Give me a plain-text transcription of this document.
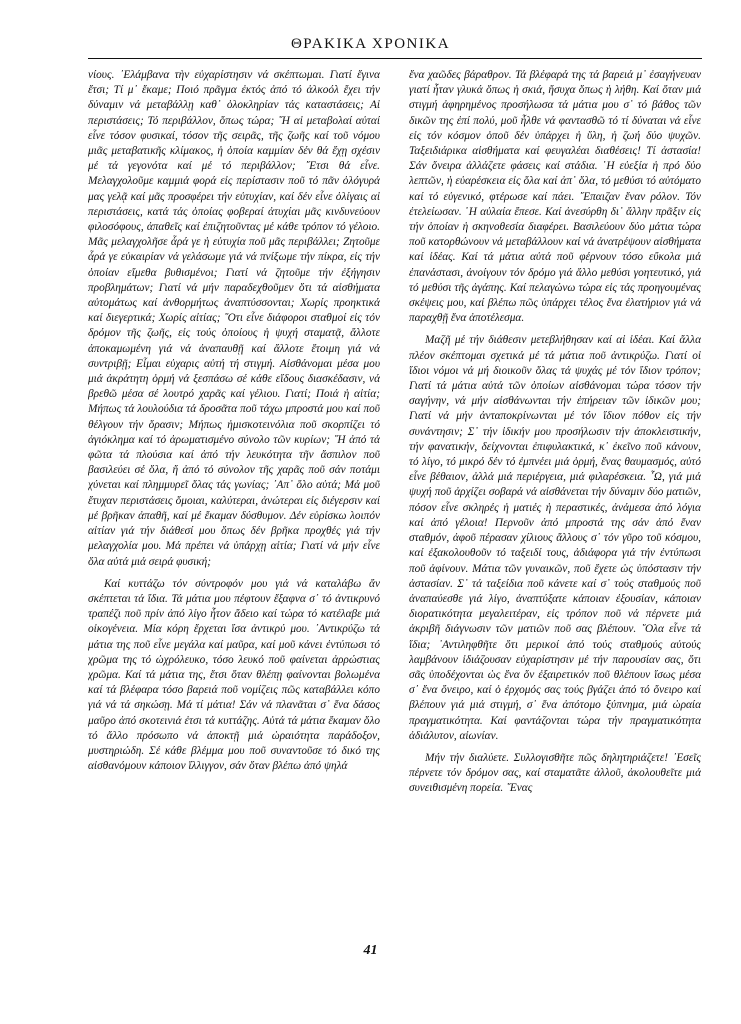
ΘΡΑΚΙΚΑ ΧΡΟΝΙΚΑ

νίους. ᾽Ελάμβανα τὴν εὐχαρίστησιν νά σκέπτωμαι. Γιατί ἔγινα ἔτσι; Τί μ᾽ ἔκαμε; Ποιό πρᾶγμα ἐκτός ἀπό τό ἀλκοόλ ἔχει τήν δύναμιν νά μεταβάλλῃ καθ᾽ ὁλοκληρίαν τάς καταστάσεις; Αἱ περιστάσεις; Τό περιβάλλον, ὅπως τώρα; ῞Η αἱ μεταβολαί αὐταί εἶνε τόσον φυσικαί, τόσον τῆς σειρᾶς, τῆς ζωῆς καί τοῦ νόμου μιᾶς μεταβατικῆς κλίμακος, ἡ ὁποία καμμίαν δέν θά ἔχῃ σχέσιν μέ τά γεγονότα καί μέ τό περιβάλλον; ῎Ετσι θά εἶνε. Μελαγχολοῦμε καμμιά φορά εἰς περίστασιν ποῦ τό πᾶν ὀλόγυρά μας γελᾷ καί μᾶς προσφέρει τήν εὐτυχίαν, καί δέν εἶνε ὀλίγαις αἱ περιστάσεις, κατά τάς ὁποίας φοβεραί ἀτυχίαι μᾶς κινδυνεύουν φιλοσόφους, ἀπαθεῖς καί ἐπιζητοῦντας μέ κάθε τρόπον τό γέλοιο. Μᾶς μελαγχολῆσε ἆρά γε ἡ εὐτυχία ποῦ μᾶς περιβάλλει; Ζητοῦμε ἆρά γε εὐκαιρίαν νά γελάσωμε γιά νά πνίξωμε τήν πίκρα, εἰς τήν ὁποίαν εἴμεθα βυθισμένοι; Γιατί νά ζητοῦμε τήν ἐξήγησιν προβλημάτων; Γιατί νά μήν παραδεχθοῦμεν ὅτι τά αἰσθήματα αὐτομάτως καί ἀνθορμήτως ἀναπτύσσονται; Χωρίς προηκτικά καί διεγερτικά; Χωρίς αἰτίας; ῞Οτι εἶνε διάφοροι σταθμοί εἰς τόν δρόμον τῆς ζωῆς, εἰς τούς ὁποίους ἡ ψυχή σταματᾷ, ἄλλοτε ἀποκαμωμένη γιά νά ἀναπαυθῇ καί ἄλλοτε ἕτοιμη γιά νά συντριβῇ; Εἶμαι εὐχαρις αὐτή τή στιγμή. Αἰσθάνομαι μέσα μου μιά ἀκράτητη ὁρμή νά ξεσπάσω σέ κάθε εἴδους διασκέδασιν, νά βρεθῶ μέσα σέ λουτρό χαρᾶς καί γέλιου. Γιατί; Ποιά ἡ αἰτία; Μήπως τά λουλούδια τά δροσᾶτα ποῦ τάχω μπροστά μου καί ποῦ θέλγουν τήν ὅρασιν; Μήπως ἡμισκοτεινόλια ποῦ σκορπίζει τό ἀγιόκλημα καί τό ἀρωματισμένο σύνολο τῶν κυρίων; ῞Η ἀπό τά φῶτα τά πλούσια καί ἀπό τήν λευκότητα τῆν ἄσπιλον ποῦ βασιλεύει σέ ὅλα, ἤ ἀπό τό σύνολον τῆς χαρᾶς ποῦ σάν ποτάμι χύνεται καί πλημμυρεῖ ὅλας τάς γωνίας; ᾽Απ᾽ ὅλο αὐτά; Μά μοῦ ἔτυχαν περιστάσεις ὅμοιαι, καλύτεραι, ἀνώτεραι εἰς διέγερσιν καί μέ βρῆκαν ἀπαθῆ, καί μέ ἔκαμαν δύσθυμον. Δέν εὑρίσκω λοιπόν αἰτίαν γιά τήν διάθεσί μου ὅπως δέν βρῆκα προχθές γιά τήν μελαγχολία μου. Μά πρέπει νά ὑπάρχῃ αἰτία; Γιατί νά μήν εἶνε ὅλα αὐτά μιά σειρά φυσική;

Καί κυττάζω τόν σύντροφόν μου γιά νά καταλάβω ἄν σκέπτεται τά ἴδια. Τά μάτια μου πέφτουν ἔξαφνα σ᾽ τό ἀντικρυνό τραπέζι ποῦ πρίν ἀπό λίγο ἦτον ἄδειο καί τώρα τό κατέλαβε μιά οἰκογένεια. Μία κόρη ἔρχεται ἴσα ἀντικρύ μου. ᾽Αντικρύζω τά μάτια της ποῦ εἶνε μεγάλα καί μαῦρα, καί μοῦ κάνει ἐντύπωσι τό χρῶμα της τό ὠχρόλευκο, τόσο λευκό ποῦ φαίνεται ἀρρώστιας χρῶμα. Καί τά μάτια της, ἔτσι ὅταν θλέπῃ φαίνονται βολωμένα καί τά βλέφαρα τόσο βαρειά ποῦ νομίζεις πῶς καταβάλλει κόπο γιά νά τά σηκώσῃ. Μά τί μάτια! Σάν νά πλανᾶται σ᾽ ἕνα δάσος μαῦρο ἀπό σκοτεινιά ἐτσι τά κυττάζης. Αὐτά τά μάτια ἔκαμαν ὅλο τό ἄλλο πρόσωπο νά ἀποκτῇ μιά ὡραιότητα παράδοξον, μυστηριώδη. Σέ κάθε βλέμμα μου ποῦ συναντοῦσε τό δικό της αἰσθανόμουν κάποιον ἴλλιγγον, σάν ὅταν βλέπω ἀπό ψηλά

ἕνα χαῶδες βάραθρον. Τά βλέφαρά της τά βαρειά μ᾽ ἐσαγήνευαν γιατί ἦταν γλυκά ὅπως ἡ σκιά, ἥσυχα ὅπως ἡ λήθη. Καί ὅταν μιά στιγμή ἀφηρημένος προσήλωσα τά μάτια μου σ᾽ τό βάθος τῶν δικῶν της ἐπί πολύ, μοῦ ἦλθε νά φαντασθῶ τό τί δύναται νά εἶνε εἰς τόν κόσμον ὁποῦ δέν ὑπάρχει ἡ ὕλη, ἡ ζωή δύο ψυχῶν. Ταξειδιάρικα αἰσθήματα καί φευγαλέαι διαθέσεις! Τί ἀστασία! Σάν ὄνειρα ἀλλάζετε φάσεις καί στάδια. ῾Η εὐεξία ἡ πρό δύο λεπτῶν, ἡ εὐαρέσκεια εἰς ὅλα καί ἀπ᾽ ὅλα, τό μεθύσι τό αὐτόματο καί τό εὐγενικό, φτέρωσε καί πάει. ῎Επαιζαν ἕναν ρόλον. Τόν ἐτελείωσαν. ῾Η αὐλαία ἔπεσε. Καί ἀνεσύρθη δι᾽ ἄλλην πρᾶξιν εἰς τήν ὁποίαν ἡ σκηνοθεσία διαφέρει. Βασιλεύουν δύο μάτια τώρα ποῦ κατορθώνουν νά μεταβάλλουν καί νά ἀνατρέψουν αἰσθήματα καί ἰδέας. Καί τά μάτια αὐτά ποῦ φέρνουν τόσο εὔκολα μιά ἐπανάστασι, ἀνοίγουν τόν δρόμο γιά ἄλλο μεθύσι γοητευτικό, γιά τό μεθύσι τῆς ἀγάπης. Καί πελαγώνω τώρα εἰς τάς προηγουμένας σκέψεις μου, καί βλέπω πῶς ὑπάρχει τέλος ἕνα ἐλατήριον γιά νά παραχθῇ ἕνα ἀποτέλεσμα.

Μαζῆ μέ τήν διάθεσιν μετεβλήθησαν καί αἱ ἰδέαι. Καί ἄλλα πλέον σκέπτομαι σχετικά μέ τά μάτια ποῦ ἀντικρύζω. Γιατί οἱ ἴδιοι νόμοι νά μή διοικοῦν ὅλας τά ψυχάς μέ τόν ἴδιον τρόπον; Γιατί τά μάτια αὐτά τῶν ὁποίων αἰσθάνομαι τώρα τόσον τήν σαγήνην, νά μήν αἰσθάνωνται τήν ἐπήρειαν τῶν ἰδικῶν μου; Γιατί νά μήν ἀνταποκρίνωνται μέ τόν ἴδιον πόθον εἰς τήν συνάντησιν; Σ᾽ τήν ἰδικήν μου προσήλωσιν τήν ἀποκλειστικήν, τήν φανατικήν, δείχνονται ἐπιφυλακτικά, κ᾽ ἐκεῖνο ποῦ κάνουν, τό λίγο, τό μικρό δέν τό ἐμπνέει μιά ὁρμή, ἕνας θαυμασμός, αὐτό εἶνε βέθαιον, ἀλλά μιά περιέργεια, μιά φιλαρέσκεια. ῏Ω, γιά μιά ψυχή ποῦ ἀρχίζει σοβαρά νά αἰσθάνεται τήν δύναμιν δύο ματιῶν, πόσον εἶνε σκληρές ἡ ματιές ἡ περαστικές, ἀνάμεσα ἀπό λόγια καί ἀπό γέλοια! Περνοῦν ἀπό μπροστά της σάν ἀπό ἕναν σταθμόν, ἀφοῦ πέρασαν χίλιους ἄλλους σ᾽ τόν γῦρο τοῦ κόσμου, καί ἐξακολουθοῦν τό ταξειδί τους, ἀδιάφορα γιά τήν ἐντύπωσι ποῦ ἀφίνουν. Μάτια τῶν γυναικῶν, ποῦ ἔχετε ὡς ὑπόστασιν τήν ἀστασίαν. Σ᾽ τά ταξείδια ποῦ κάνετε καί σ᾽ τούς σταθμούς ποῦ ἀναπαύεσθε γιά λίγο, ἀναπτύξατε κάποιαν ἐξουσίαν, κάποιαν διορατικότητα μεγαλειτέραν, εἰς τρόπον ποῦ νά πέρνετε μιά ἀκριβῆ διάγνωσιν τῶν ματιῶν ποῦ σας βλέπουν. ῞Ολα εἶνε τά ἴδια; ᾽Αντιληφθῆτε ὅτι μερικοί ἀπό τούς σταθμούς αὐτούς λαμβάνουν ἰδιάζουσαν εὐχαρίστησιν μέ τήν παρουσίαν σας, ὅτι σᾶς ὑποδέχονται ὡς ἕνα ὄν ἐξαιρετικόν ποῦ θλέπουν ἴσως μέσα σ᾽ ἕνα ὄνειρο, καί ὁ ἐρχομός σας τούς βγάζει ἀπό τό ὄνειρο καί βλέπουν γιά μιά στιγμή, σ᾽ ἕνα ἀπότομο ξύπνημα, μιά ὡραία πραγματικότητα. Καί φαντάζονται τώρα τήν πραγματικότητα ἀδιάλυτον, αἰωνίαν.

Μήν τήν διαλύετε. Συλλογισθῆτε πῶς δηλητηριάζετε! ᾽Εσεῖς πέρνετε τόν δρόμον σας, καί σταματᾶτε ἀλλοῦ, ἀκολουθεῖτε μιά συνειθισμένη πορεία. ῞Ενας

41
